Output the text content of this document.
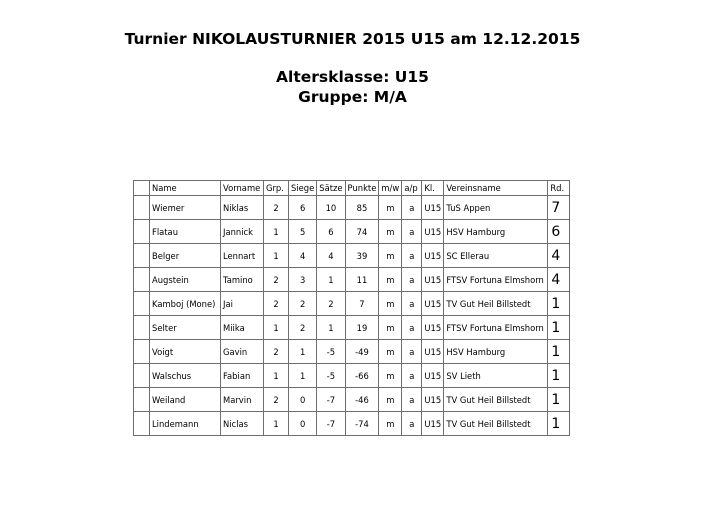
Turnier NIKOLAUSTURNIER 2015 U15 am 12.12.2015
Altersklasse: U15
Gruppe: M/A
	Name	Vorname	Grp.	Siege	Sätze	Punkte	m/w	a/p	Kl.	Vereinsname	Rd.
	Wiemer	Niklas	2	6	10	85	m	a	U15	TuS Appen	7
	Flatau	Jannick	1	5	6	74	m	a	U15	HSV Hamburg	6
	Belger	Lennart	1	4	4	39	m	a	U15	SC Ellerau	4
	Augstein	Tamino	2	3	1	11	m	a	U15	FTSV Fortuna Elmshorn	4
	Kamboj (Mone)	Jai	2	2	2	7	m	a	U15	TV Gut Heil Billstedt	1
	Selter	Miika	1	2	1	19	m	a	U15	FTSV Fortuna Elmshorn	1
	Voigt	Gavin	2	1	-5	-49	m	a	U15	HSV Hamburg	1
	Walschus	Fabian	1	1	-5	-66	m	a	U15	SV Lieth	1
	Weiland	Marvin	2	0	-7	-46	m	a	U15	TV Gut Heil Billstedt	1
	Lindemann	Niclas	1	0	-7	-74	m	a	U15	TV Gut Heil Billstedt	1
